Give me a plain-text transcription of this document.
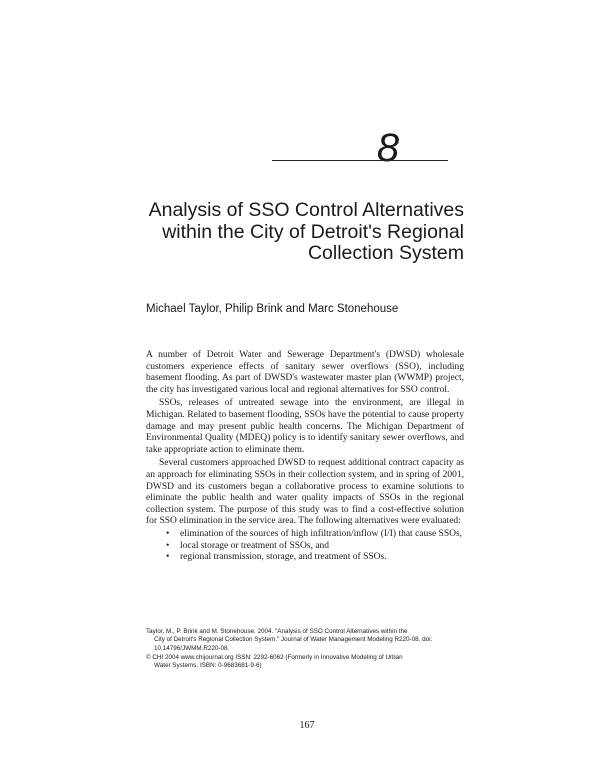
8
Analysis of SSO Control Alternatives
within the City of Detroit's Regional
Collection System
Michael Taylor, Philip Brink and Marc Stonehouse

A number of Detroit Water and Sewerage Department's (DWSD) wholesale customers experience effects of sanitary sewer overflows (SSO), including basement flooding. As part of DWSD's wastewater master plan (WWMP) project, the city has investigated various local and regional alternatives for SSO control.

SSOs, releases of untreated sewage into the environment, are illegal in Michigan. Related to basement flooding, SSOs have the potential to cause property damage and may present public health concerns. The Michigan Department of Environmental Quality (MDEQ) policy is to identify sanitary sewer overflows, and take appropriate action to eliminate them.

Several customers approached DWSD to request additional contract capacity as an approach for eliminating SSOs in their collection system, and in spring of 2001, DWSD and its customers began a collaborative process to examine solutions to eliminate the public health and water quality impacts of SSOs in the regional collection system. The purpose of this study was to find a cost-effective solution for SSO elimination in the service area. The following alternatives were evaluated:

• elimination of the sources of high infiltration/inflow (I/I) that cause SSOs,
• local storage or treatment of SSOs, and
• regional transmission, storage, and treatment of SSOs.

Taylor, M., P. Brink and M. Stonehouse. 2004. "Analysis of SSO Control Alternatives within the
City of Detroit's Regional Collection System." Journal of Water Management Modeling R220-08. doi:
10.14796/JWMM.R220-08.

© CHI 2004 www.chijournal.org ISSN: 2292-6062 (Formerly in Innovative Modeling of Urban
Water Systems. ISBN: 0-9683681-9-6)

167
